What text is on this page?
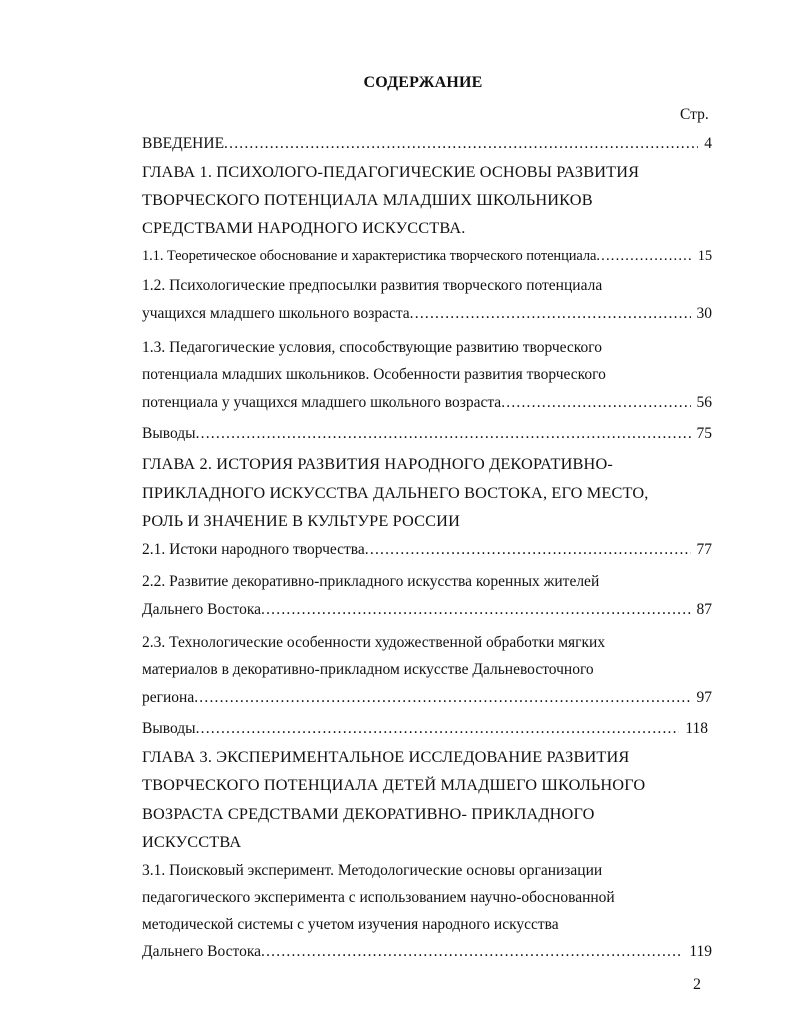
СОДЕРЖАНИЕ
Стр.
ВВЕДЕНИЕ .....	4
ГЛАВА 1. ПСИХОЛОГО-ПЕДАГОГИЧЕСКИЕ ОСНОВЫ РАЗВИТИЯ
ТВОРЧЕСКОГО ПОТЕНЦИАЛА МЛАДШИХ ШКОЛЬНИКОВ
СРЕДСТВАМИ НАРОДНОГО ИСКУССТВА.
1.1. Теоретическое обоснование и характеристика творческого потенциала .....	15
1.2. Психологические предпосылки развития творческого потенциала
учащихся младшего школьного возраста .....	30
1.3. Педагогические условия, способствующие развитию творческого
потенциала младших школьников. Особенности развития творческого
потенциала у учащихся младшего школьного возраста .....	56
Выводы .....	75
ГЛАВА 2. ИСТОРИЯ РАЗВИТИЯ НАРОДНОГО ДЕКОРАТИВНО-
ПРИКЛАДНОГО ИСКУССТВА ДАЛЬНЕГО ВОСТОКА, ЕГО МЕСТО,
РОЛЬ И ЗНАЧЕНИЕ В КУЛЬТУРЕ РОССИИ
2.1. Истоки народного творчества .....	77
2.2. Развитие декоративно-прикладного искусства коренных жителей
Дальнего Востока .....	87
2.3. Технологические особенности художественной обработки мягких
материалов в декоративно-прикладном искусстве Дальневосточного
региона .....	97
Выводы .....	118
ГЛАВА 3. ЭКСПЕРИМЕНТАЛЬНОЕ ИССЛЕДОВАНИЕ РАЗВИТИЯ
ТВОРЧЕСКОГО ПОТЕНЦИАЛА ДЕТЕЙ МЛАДШЕГО ШКОЛЬНОГО
ВОЗРАСТА СРЕДСТВАМИ ДЕКОРАТИВНО- ПРИКЛАДНОГО
ИСКУССТВА
3.1. Поисковый эксперимент. Методологические основы организации
педагогического эксперимента с использованием научно-обоснованной
методической системы с учетом изучения народного искусства
Дальнего Востока .....	119
2
